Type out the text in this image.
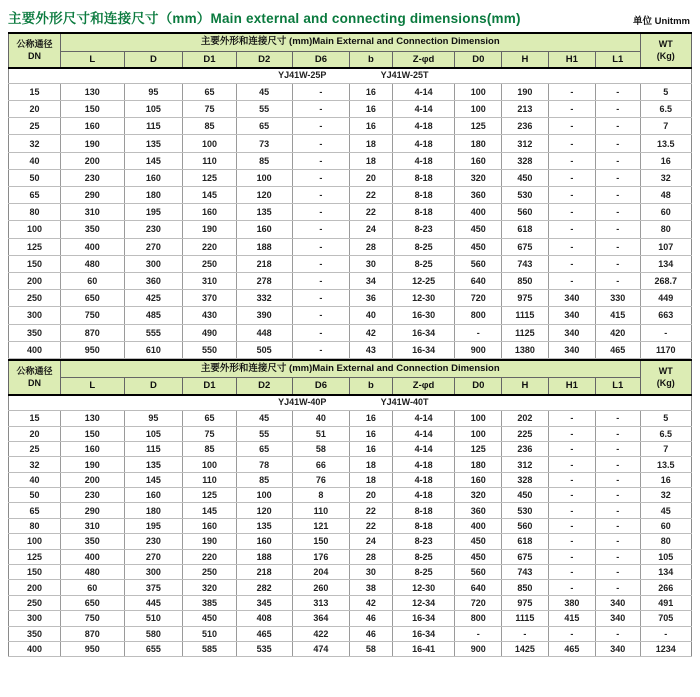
主要外形尺寸和连接尺寸（mm）Main external and connecting dimensions(mm)	单位 Unitmm
公称通径
DN	主要外形和连接尺寸 (mm)Main External and Connection Dimension											WT
(Kg)
	L	D	D1	D2	D6	b	Z-φd	D0	H	H1	L1	

YJ41W-25P YJ41W-25T												

15	130	95	65	45	-	16	4-14	100	190	-	-	5
20	150	105	75	55	-	16	4-14	100	213	-	-	6.5
25	160	115	85	65	-	16	4-18	125	236	-	-	7
32	190	135	100	73	-	18	4-18	180	312	-	-	13.5
40	200	145	110	85	-	18	4-18	160	328	-	-	16
50	230	160	125	100	-	20	8-18	320	450	-	-	32
65	290	180	145	120	-	22	8-18	360	530	-	-	48
80	310	195	160	135	-	22	8-18	400	560	-	-	60
100	350	230	190	160	-	24	8-23	450	618	-	-	80
125	400	270	220	188	-	28	8-25	450	675	-	-	107
150	480	300	250	218	-	30	8-25	560	743	-	-	134
200	60	360	310	278	-	34	12-25	640	850	-	-	268.7
250	650	425	370	332	-	36	12-30	720	975	340	330	449
300	750	485	430	390	-	40	16-30	800	1115	340	415	663
350	870	555	490	448	-	42	16-34	-	1125	340	420	-
400	950	610	550	505	-	43	16-34	900	1380	340	465	1170
公称通径
DN	主要外形和连接尺寸 (mm)Main External and Connection Dimension											WT
(Kg)
	L	D	D1	D2	D6	b	Z-φd	D0	H	H1	L1	

YJ41W-40P YJ41W-40T												

15	130	95	65	45	40	16	4-14	100	202	-	-	5
20	150	105	75	55	51	16	4-14	100	225	-	-	6.5
25	160	115	85	65	58	16	4-14	125	236	-	-	7
32	190	135	100	78	66	18	4-18	180	312	-	-	13.5
40	200	145	110	85	76	18	4-18	160	328	-	-	16
50	230	160	125	100	8	20	4-18	320	450	-	-	32
65	290	180	145	120	110	22	8-18	360	530	-	-	45
80	310	195	160	135	121	22	8-18	400	560	-	-	60
100	350	230	190	160	150	24	8-23	450	618	-	-	80
125	400	270	220	188	176	28	8-25	450	675	-	-	105
150	480	300	250	218	204	30	8-25	560	743	-	-	134
200	60	375	320	282	260	38	12-30	640	850	-	-	266
250	650	445	385	345	313	42	12-34	720	975	380	340	491
300	750	510	450	408	364	46	16-34	800	1115	415	340	705
350	870	580	510	465	422	46	16-34	-	-	-	-	-
400	950	655	585	535	474	58	16-41	900	1425	465	340	1234
